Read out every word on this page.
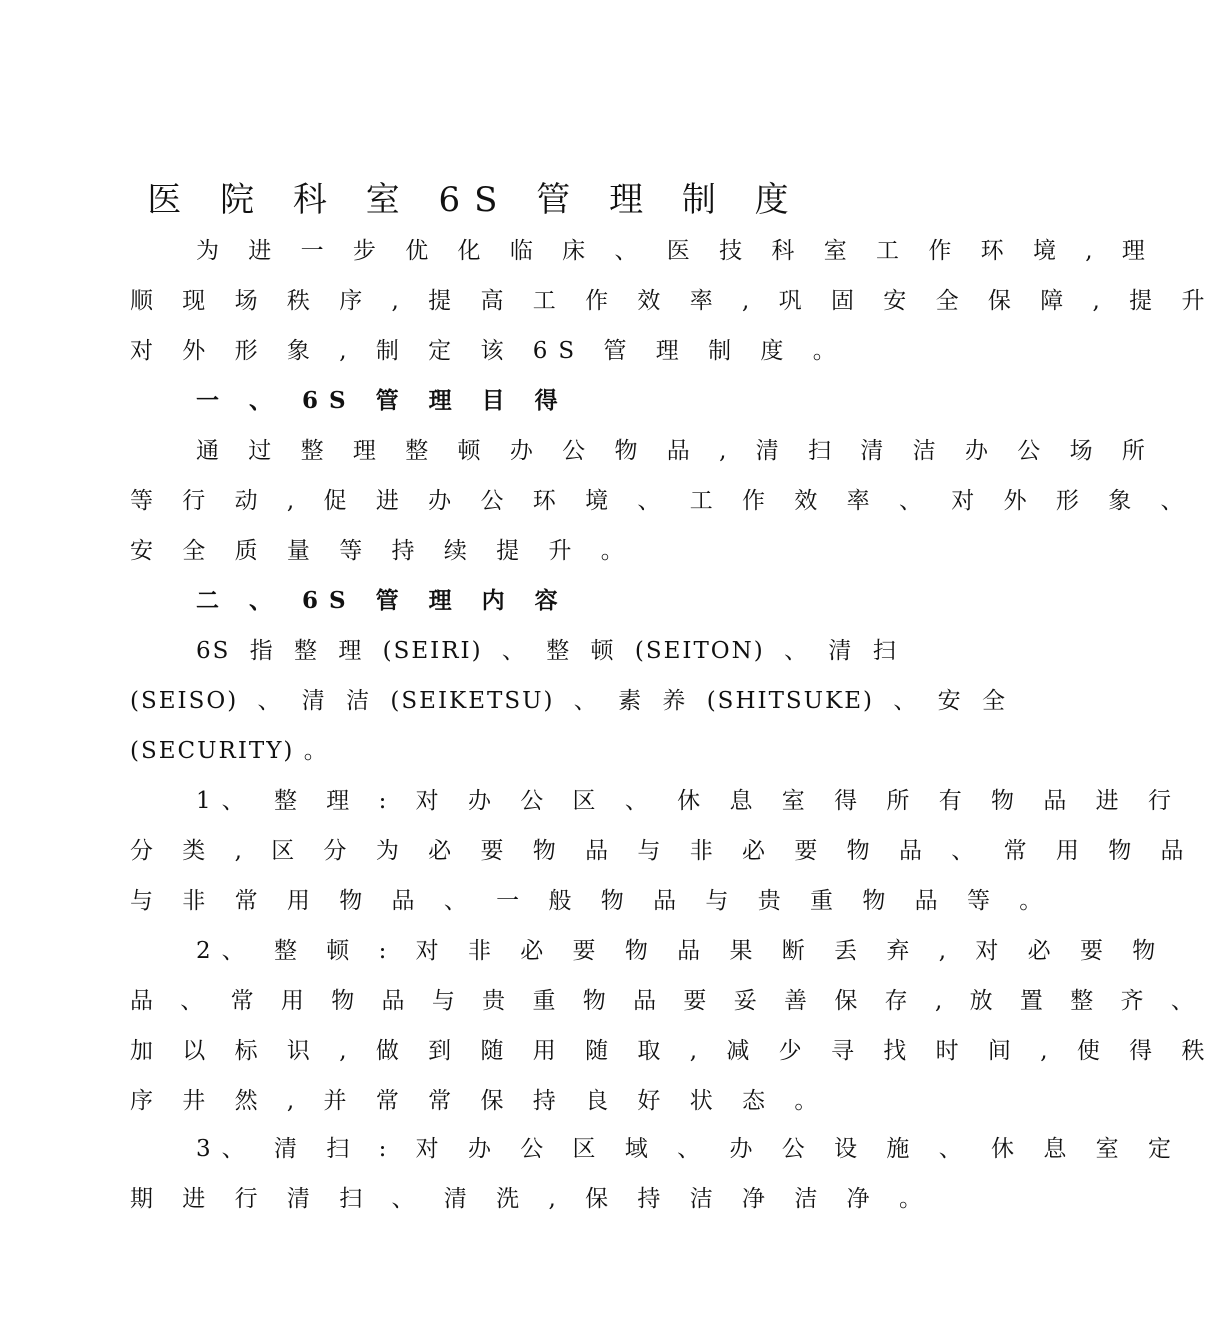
医 院 科 室 6S 管 理 制 度
为 进 一 步 优 化 临 床 、 医 技 科 室 工 作 环 境 , 理
顺 现 场 秩 序 , 提 高 工 作 效 率 , 巩 固 安 全 保 障 , 提 升
对 外 形 象 , 制 定 该 6S 管 理 制 度 。
一 、 6S 管 理 目 得
通 过 整 理 整 顿 办 公 物 品 , 清 扫 清 洁 办 公 场 所
等 行 动 , 促 进 办 公 环 境 、 工 作 效 率 、 对 外 形 象 、
安 全 质 量 等 持 续 提 升 。
二 、 6S 管 理 内 容
6S 指 整 理 (SEIRI) 、 整 顿 (SEITON) 、 清 扫
(SEISO) 、 清 洁 (SEIKETSU) 、 素 养 (SHITSUKE) 、 安 全
(SECURITY) 。
1、 整 理 : 对 办 公 区 、 休 息 室 得 所 有 物 品 进 行
分 类 , 区 分 为 必 要 物 品 与 非 必 要 物 品 、 常 用 物 品
与 非 常 用 物 品 、 一 般 物 品 与 贵 重 物 品 等 。
2、 整 顿 : 对 非 必 要 物 品 果 断 丢 弃 , 对 必 要 物
品 、 常 用 物 品 与 贵 重 物 品 要 妥 善 保 存 , 放 置 整 齐 、
加 以 标 识 , 做 到 随 用 随 取 , 减 少 寻 找 时 间 , 使 得 秩
序 井 然 , 并 常 常 保 持 良 好 状 态 。
3、 清 扫 : 对 办 公 区 域 、 办 公 设 施 、 休 息 室 定
期 进 行 清 扫 、 清 洗 , 保 持 洁 净 洁 净 。
